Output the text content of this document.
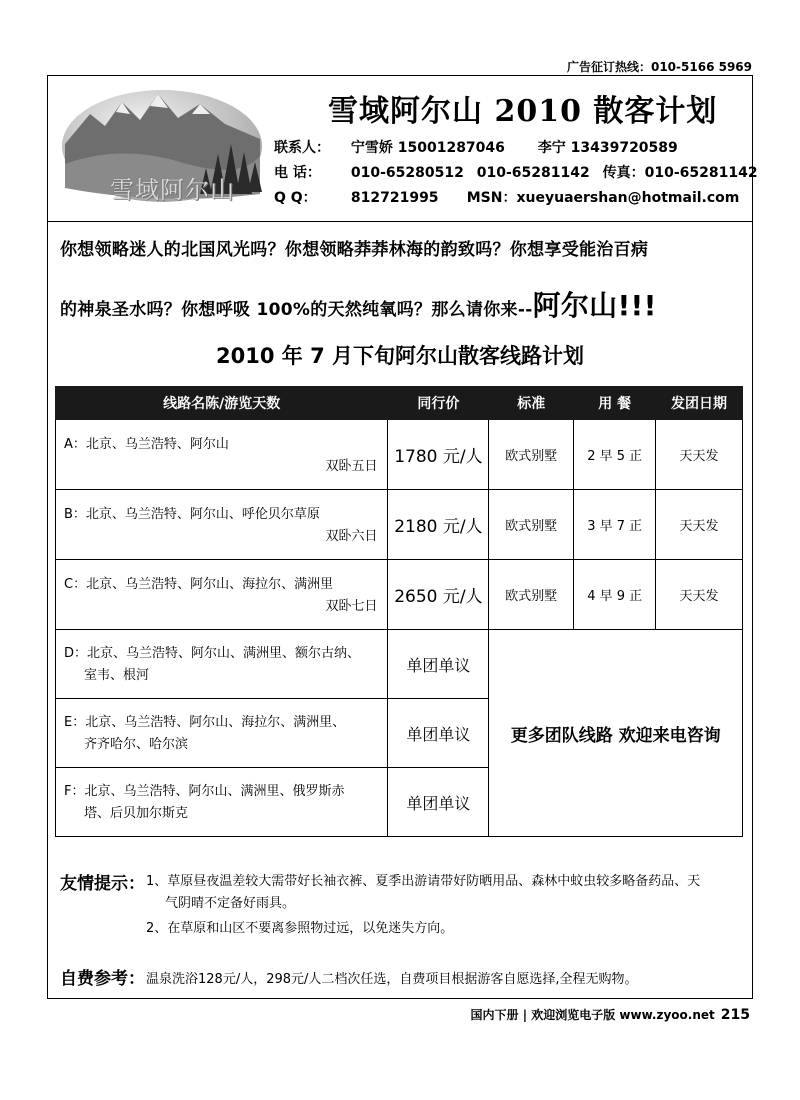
广告征订热线：010-5166 5969
雪域阿尔山
雪域阿尔山 2010 散客计划
联系人： 宁雪娇 15001287046 李宁 13439720589
电 话： 010-65280512 010-65281142 传真：010-65281142
Q Q： 812721995 MSN：xueyuaershan@hotmail.com
你想领略迷人的北国风光吗？你想领略莽莽林海的韵致吗？你想享受能治百病
的神泉圣水吗？你想呼吸 100%的天然纯氧吗？那么请你来--阿尔山!!!
2010 年 7 月下旬阿尔山散客线路计划
线路名陈/游览天数	同行价	标准	用 餐	发团日期

A：北京、乌兰浩特、阿尔山
双卧五日	1780 元/人	欧式别墅	2 早 5 正	天天发

B：北京、乌兰浩特、阿尔山、呼伦贝尔草原
双卧六日	2180 元/人	欧式别墅	3 早 7 正	天天发

C：北京、乌兰浩特、阿尔山、海拉尔、满洲里
双卧七日	2650 元/人	欧式别墅	4 早 9 正	天天发

D：北京、乌兰浩特、阿尔山、满洲里、额尔古纳、
室韦、根河	单团单议	更多团队线路 欢迎来电咨询		

E：北京、乌兰浩特、阿尔山、海拉尔、满洲里、
齐齐哈尔、哈尔滨	单团单议			

F：北京、乌兰浩特、阿尔山、满洲里、俄罗斯赤
塔、后贝加尔斯克	单团单议			
友情提示： 1、草原昼夜温差较大需带好长袖衣裤、夏季出游请带好防晒用品、森林中蚊虫较多略备药品、天
气阴晴不定备好雨具。
2、在草原和山区不要离参照物过远，以免迷失方向。
自费参考： 温泉洗浴128元/人，298元/人二档次任选，自费项目根据游客自愿选择,全程无购物。
国内下册 | 欢迎浏览电子版 www.zyoo.net 215
